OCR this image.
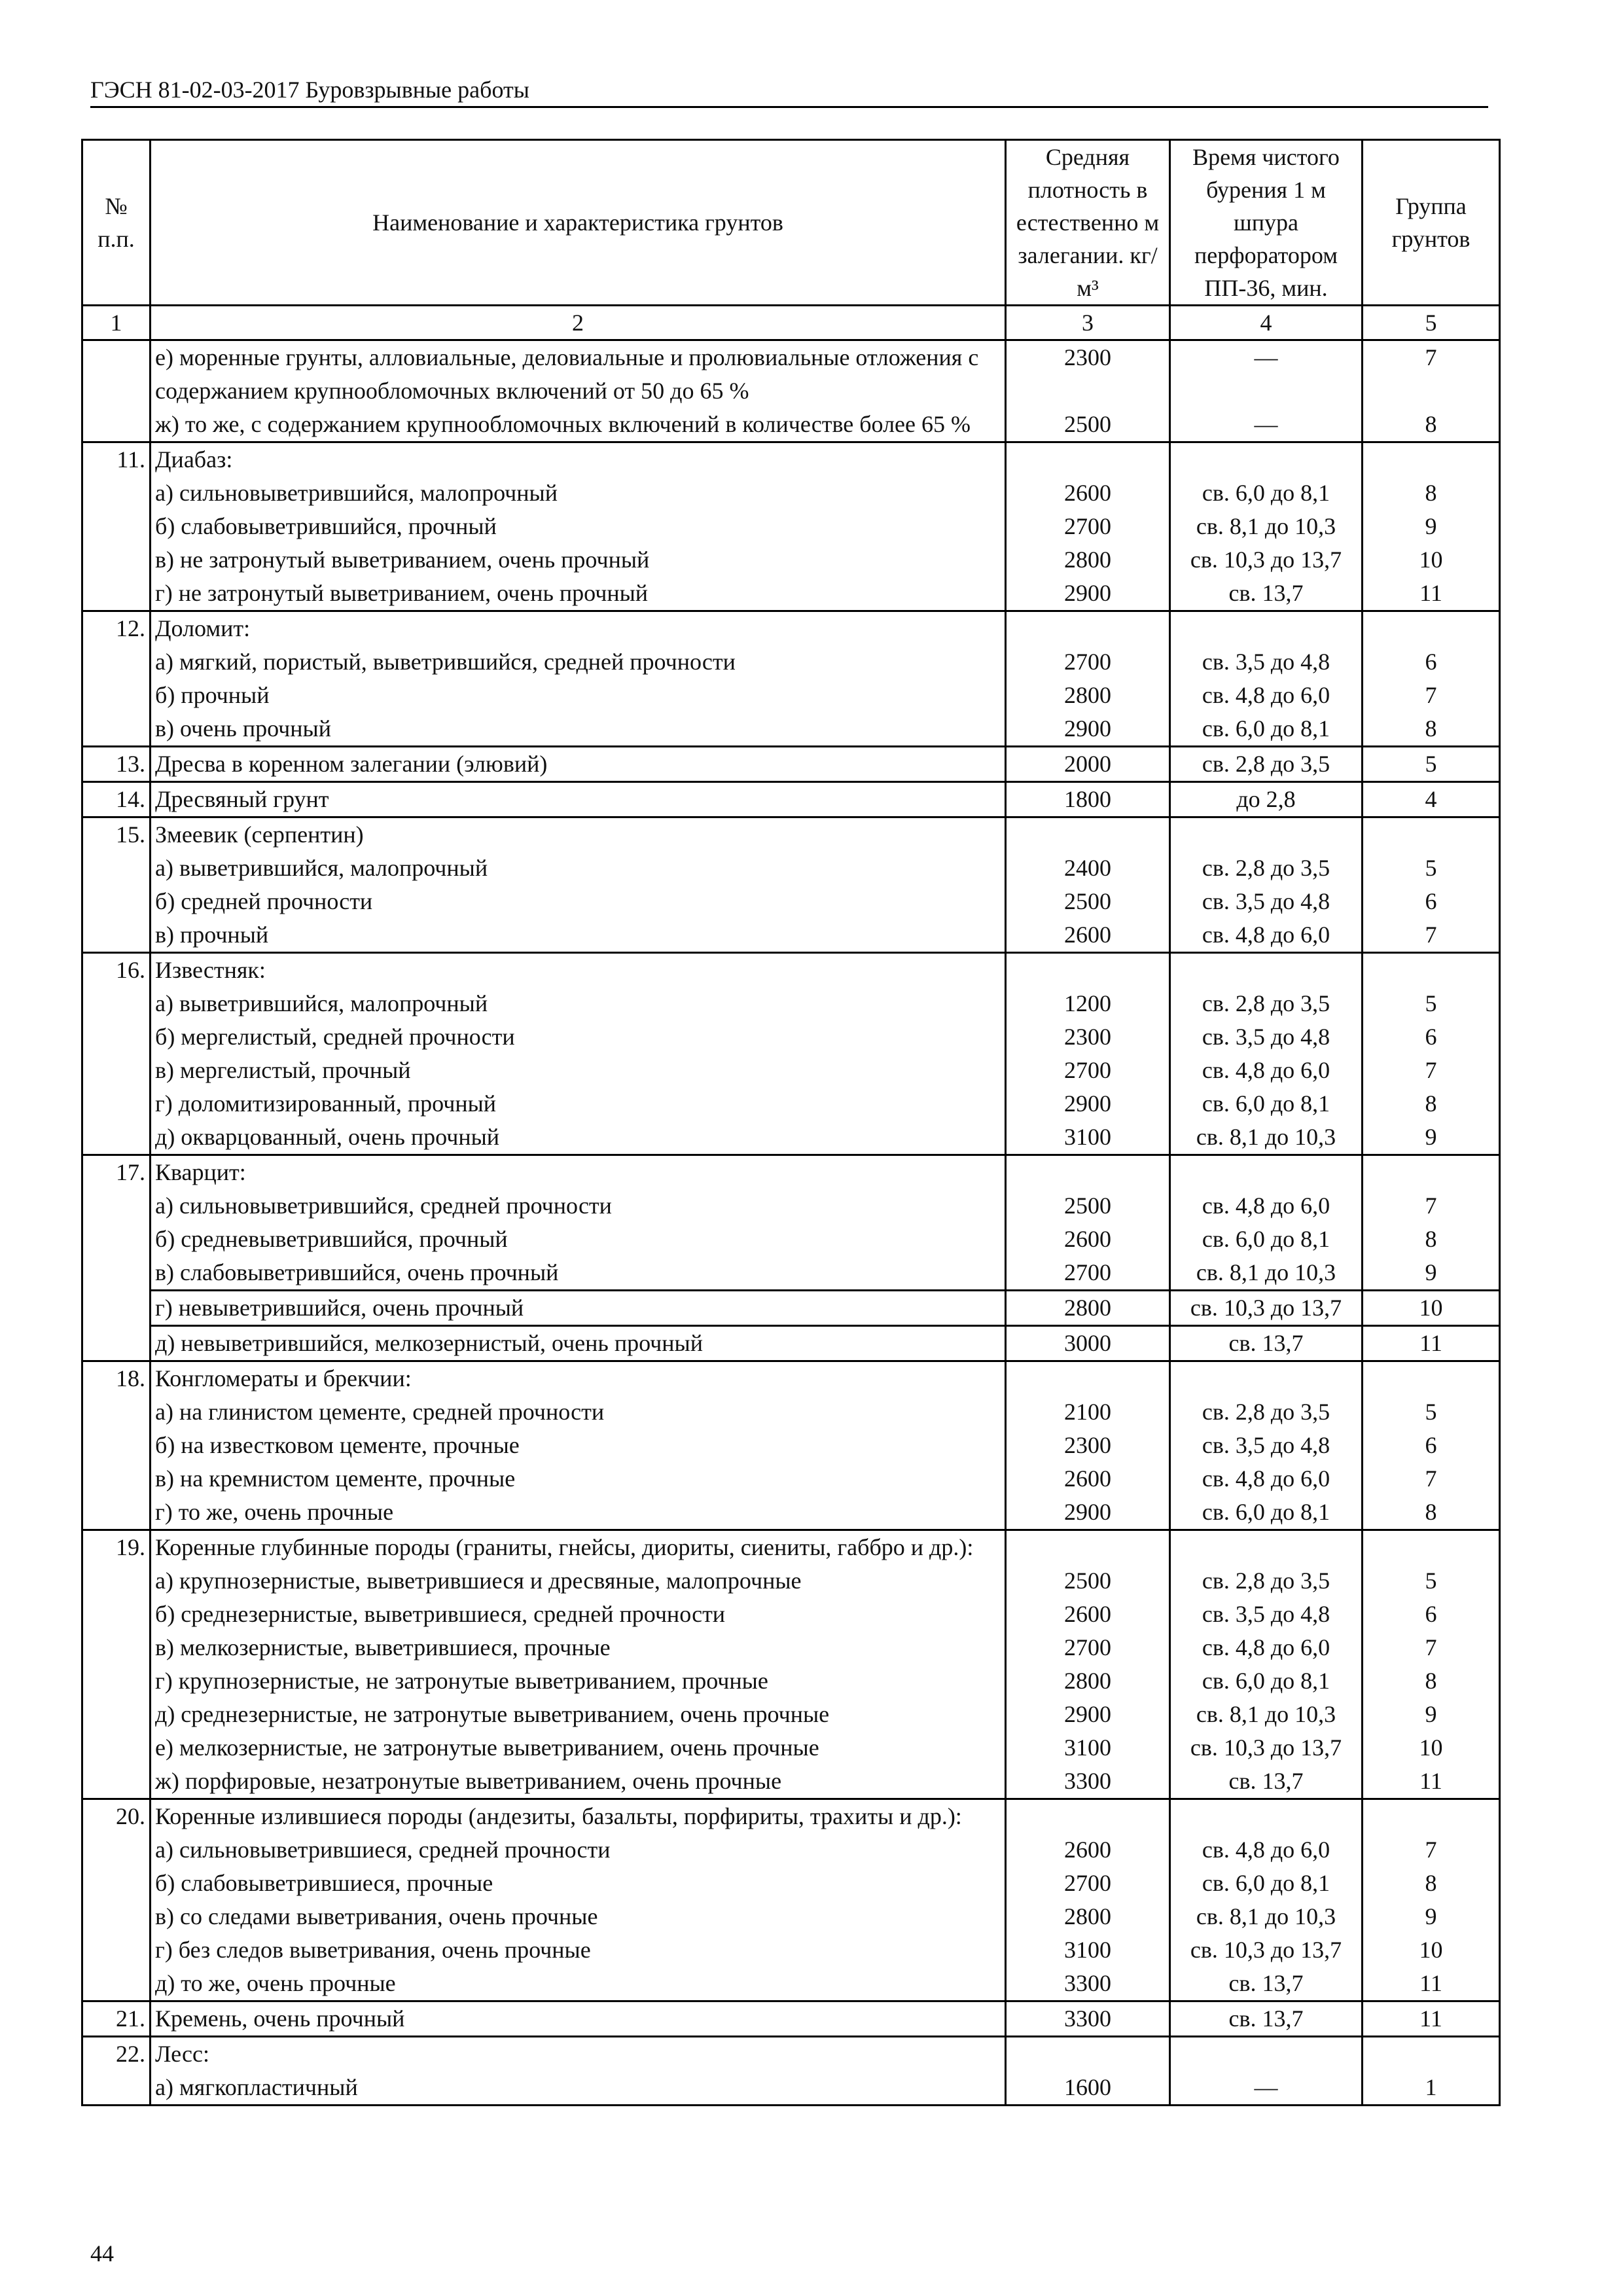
ГЭСН 81-02-03-2017 Буровзрывные работы
№ п.п.	Наименование и характеристика грунтов	Средняя плотность в естественно м залегании. кг/м³	Время чистого бурения 1 м шпура перфоратором ПП-36, мин.	Группа грунтов
1	2	3	4	5
	е) моренные грунты, алловиальные, деловиальные и пролювиальные отложения с содержанием крупнообломочных включений от 50 до 65 %	2300	—	7
	ж) то же, с содержанием крупнообломочных включений в количестве более 65 %	2500	—	8
11.	Диабаз:			
	а) сильновыветрившийся, малопрочный	2600	св. 6,0 до 8,1	8
	б) слабовыветрившийся, прочный	2700	св. 8,1 до 10,3	9
	в) не затронутый выветриванием, очень прочный	2800	св. 10,3 до 13,7	10
	г) не затронутый выветриванием, очень прочный	2900	св. 13,7	11
12.	Доломит:			
	а) мягкий, пористый, выветрившийся, средней прочности	2700	св. 3,5 до 4,8	6
	б) прочный	2800	св. 4,8 до 6,0	7
	в) очень прочный	2900	св. 6,0 до 8,1	8
13.	Дресва в коренном залегании (элювий)	2000	св. 2,8 до 3,5	5
14.	Дресвяный грунт	1800	до 2,8	4
15.	Змеевик (серпентин)			
	а) выветрившийся, малопрочный	2400	св. 2,8 до 3,5	5
	б) средней прочности	2500	св. 3,5 до 4,8	6
	в) прочный	2600	св. 4,8 до 6,0	7
16.	Известняк:			
	а) выветрившийся, малопрочный	1200	св. 2,8 до 3,5	5
	б) мергелистый, средней прочности	2300	св. 3,5 до 4,8	6
	в) мергелистый, прочный	2700	св. 4,8 до 6,0	7
	г) доломитизированный, прочный	2900	св. 6,0 до 8,1	8
	д) окварцованный, очень прочный	3100	св. 8,1 до 10,3	9
17.	Кварцит:			
	а) сильновыветрившийся, средней прочности	2500	св. 4,8 до 6,0	7
	б) средневыветрившийся, прочный	2600	св. 6,0 до 8,1	8
	в) слабовыветрившийся, очень прочный	2700	св. 8,1 до 10,3	9
	г) невыветрившийся, очень прочный	2800	св. 10,3 до 13,7	10
	д) невыветрившийся, мелкозернистый, очень прочный	3000	св. 13,7	11
18.	Конгломераты и брекчии:			
	а) на глинистом цементе, средней прочности	2100	св. 2,8 до 3,5	5
	б) на известковом цементе, прочные	2300	св. 3,5 до 4,8	6
	в) на кремнистом цементе, прочные	2600	св. 4,8 до 6,0	7
	г) то же, очень прочные	2900	св. 6,0 до 8,1	8
19.	Коренные глубинные породы (граниты, гнейсы, диориты, сиениты, габбро и др.):			
	а) крупнозернистые, выветрившиеся и дресвяные, малопрочные	2500	св. 2,8 до 3,5	5
	б) среднезернистые, выветрившиеся, средней прочности	2600	св. 3,5 до 4,8	6
	в) мелкозернистые, выветрившиеся, прочные	2700	св. 4,8 до 6,0	7
	г) крупнозернистые, не затронутые выветриванием, прочные	2800	св. 6,0 до 8,1	8
	д) среднезернистые, не затронутые выветриванием, очень прочные	2900	св. 8,1 до 10,3	9
	е) мелкозернистые, не затронутые выветриванием, очень прочные	3100	св. 10,3 до 13,7	10
	ж) порфировые, незатронутые выветриванием, очень прочные	3300	св. 13,7	11
20.	Коренные излившиеся породы (андезиты, базальты, порфириты, трахиты и др.):			
	а) сильновыветрившиеся, средней прочности	2600	св. 4,8 до 6,0	7
	б) слабовыветрившиеся, прочные	2700	св. 6,0 до 8,1	8
	в) со следами выветривания, очень прочные	2800	св. 8,1 до 10,3	9
	г) без следов выветривания, очень прочные	3100	св. 10,3 до 13,7	10
	д) то же, очень прочные	3300	св. 13,7	11
21.	Кремень, очень прочный	3300	св. 13,7	11
22.	Лесс:			
	а) мягкопластичный	1600	—	1
44
